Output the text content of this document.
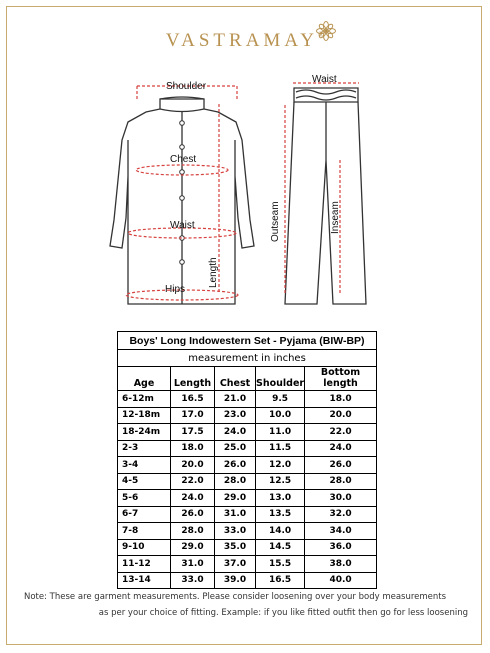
VASTRAMAY®
Shoulder
Chest
Waist
Hips
Length
Waist
Outseam	Inseam
Boys' Long Indowestern Set - Pyjama (BIW-BP)				
measurement in inches				
Age	Length	Chest	Shoulder	Bottom length
6-12m	16.5	21.0	9.5	18.0
12-18m	17.0	23.0	10.0	20.0
18-24m	17.5	24.0	11.0	22.0
2-3	18.0	25.0	11.5	24.0
3-4	20.0	26.0	12.0	26.0
4-5	22.0	28.0	12.5	28.0
5-6	24.0	29.0	13.0	30.0
6-7	26.0	31.0	13.5	32.0
7-8	28.0	33.0	14.0	34.0
9-10	29.0	35.0	14.5	36.0
11-12	31.0	37.0	15.5	38.0
13-14	33.0	39.0	16.5	40.0
Note: These are garment measurements. Please consider loosening over your body measurements
as per your choice of fitting. Example: if you like fitted outfit then go for less loosening
